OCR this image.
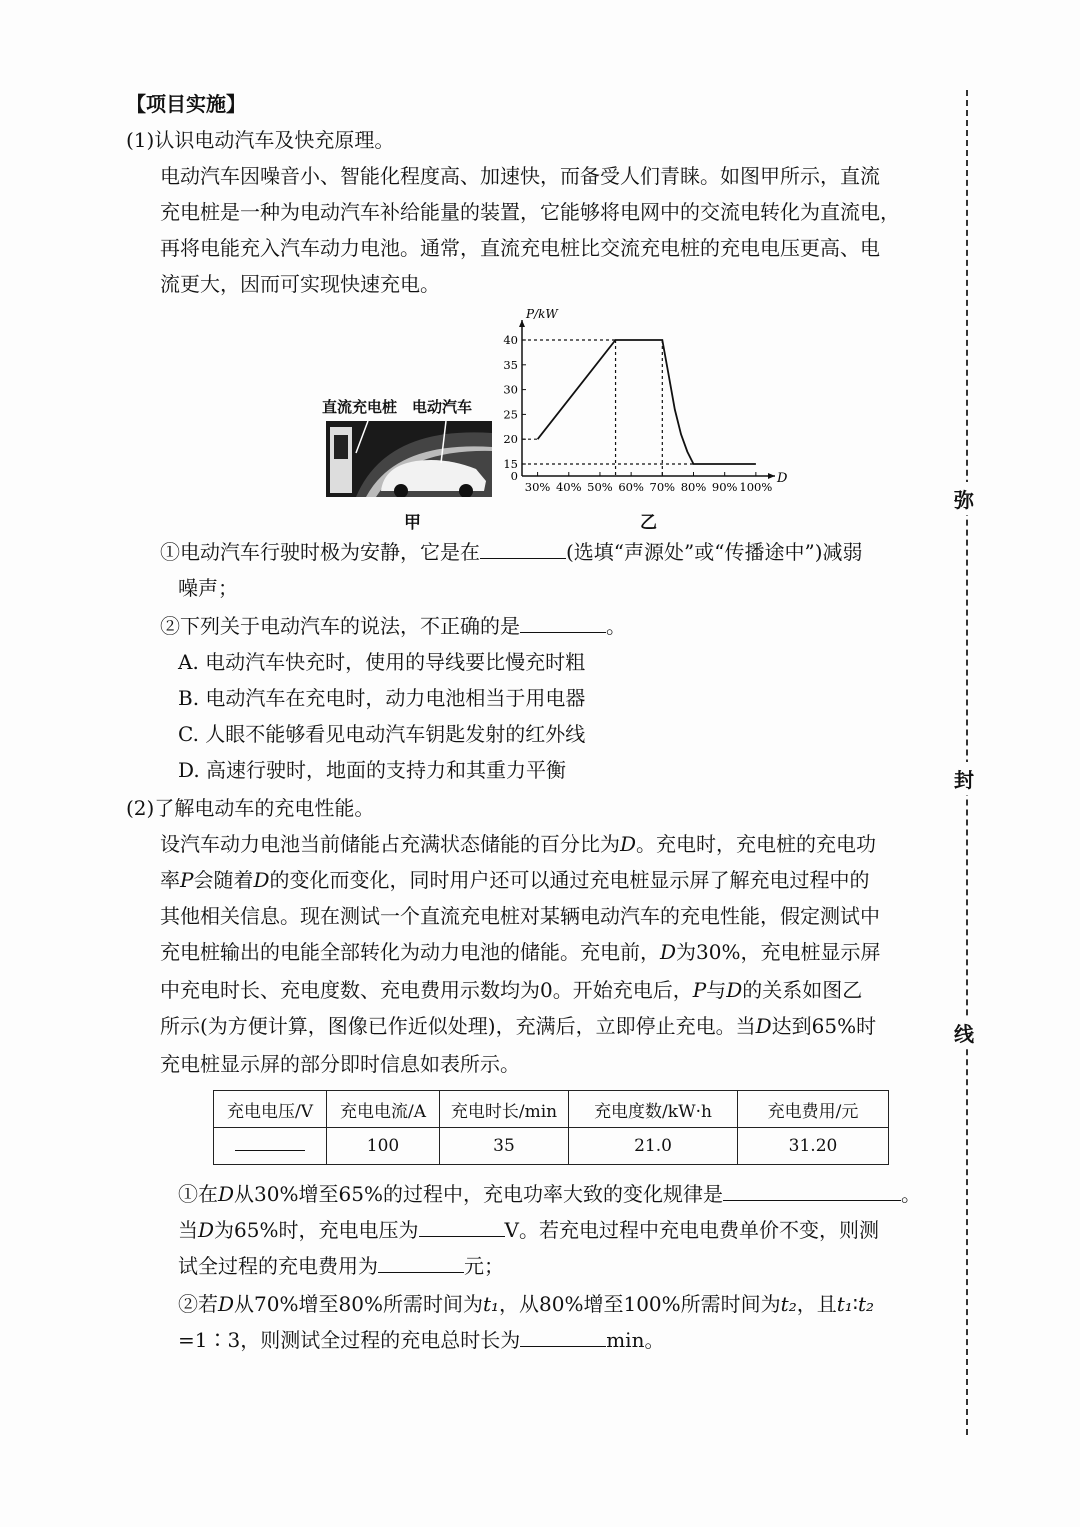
【项目实施】
(1)认识电动汽车及快充原理。
电动汽车因噪音小、智能化程度高、加速快，而备受人们青睐。如图甲所示，直流
充电桩是一种为电动汽车补给能量的装置，它能够将电网中的交流电转化为直流电，
再将电能充入汽车动力电池。通常，直流充电桩比交流充电桩的充电电压更高、电
流更大，因而可实现快速充电。
直流充电桩 电动汽车
甲
P/kW
D
0
15
20
25
30
35
40
30% 40% 50% 60% 70% 80% 90% 100%
乙
①电动汽车行驶时极为安静，它是在	(选填“声源处”或“传播途中”)减弱
噪声；
②下列关于电动汽车的说法，不正确的是	。
A. 电动汽车快充时，使用的导线要比慢充时粗
B. 电动汽车在充电时，动力电池相当于用电器
C. 人眼不能够看见电动汽车钥匙发射的红外线
D. 高速行驶时，地面的支持力和其重力平衡
(2)了解电动车的充电性能。
设汽车动力电池当前储能占充满状态储能的百分比为D。充电时，充电桩的充电功
率P会随着D的变化而变化，同时用户还可以通过充电桩显示屏了解充电过程中的
其他相关信息。现在测试一个直流充电桩对某辆电动汽车的充电性能，假定测试中
充电桩输出的电能全部转化为动力电池的储能。充电前，D为30%，充电桩显示屏
中充电时长、充电度数、充电费用示数均为0。开始充电后，P与D的关系如图乙
所示(为方便计算，图像已作近似处理)，充满后，立即停止充电。当D达到65%时
充电桩显示屏的部分即时信息如表所示。
充电电压/V	充电电流/A	充电时长/min	充电度数/kW·h	充电费用/元
	100	35	21.0	31.20
①在D从30%增至65%的过程中，充电功率大致的变化规律是	。
当D为65%时，充电电压为	V。若充电过程中充电电费单价不变，则测
试全过程的充电费用为	元；
②若D从70%增至80%所需时间为t₁，从80%增至100%所需时间为t₂，且t₁∶t₂
=1∶3，则测试全过程的充电总时长为	min。
弥
封
线
